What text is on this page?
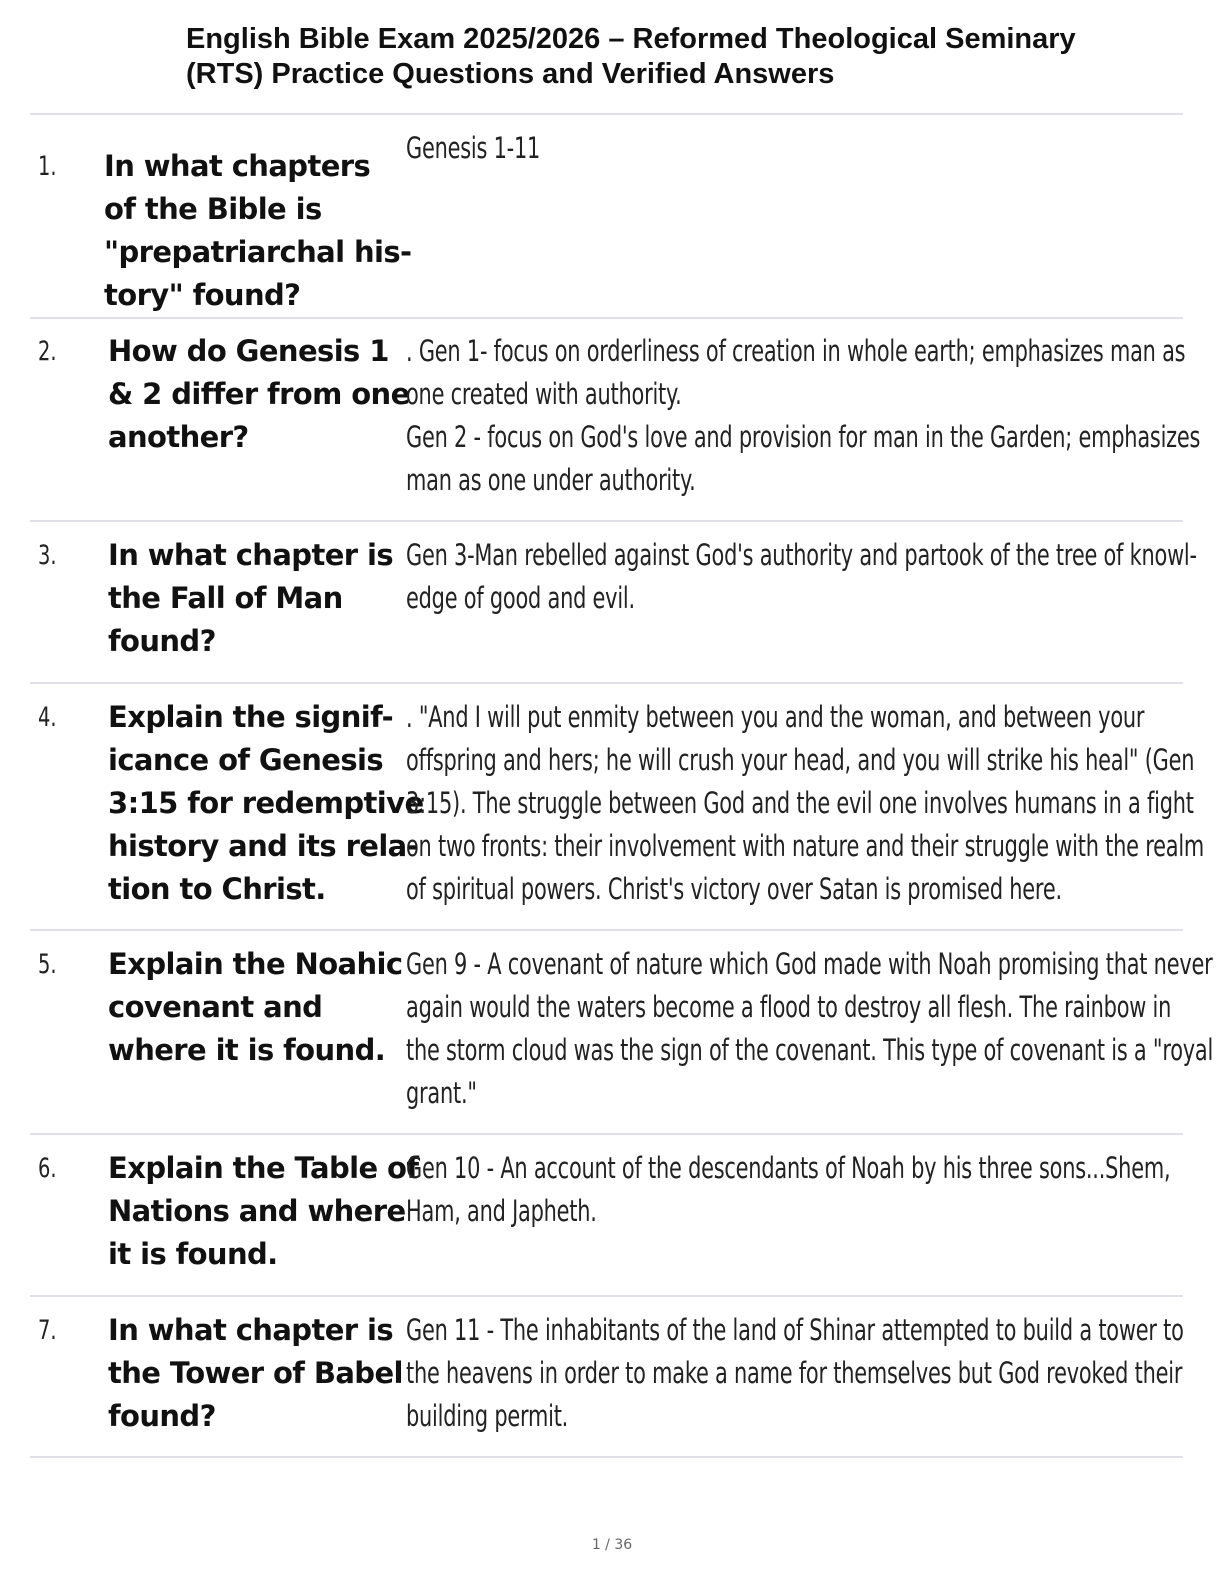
English Bible Exam 2025/2026 – Reformed Theological Seminary
(RTS) Practice Questions and Verified Answers
1. In what chapters
of the Bible is
"prepatriarchal his-
tory" found?
Genesis 1-11
2. How do Genesis 1
& 2 differ from one
another?
. Gen 1- focus on orderliness of creation in whole earth; emphasizes man as
one created with authority.
Gen 2 - focus on God's love and provision for man in the Garden; emphasizes
man as one under authority.
3. In what chapter is
the Fall of Man
found?
Gen 3-Man rebelled against God's authority and partook of the tree of knowl-
edge of good and evil.
4. Explain the signif-
icance of Genesis
3:15 for redemptive
history and its rela-
tion to Christ.
. "And I will put enmity between you and the woman, and between your
offspring and hers; he will crush your head, and you will strike his heal" (Gen
3:15). The struggle between God and the evil one involves humans in a fight
on two fronts: their involvement with nature and their struggle with the realm
of spiritual powers. Christ's victory over Satan is promised here.
5. Explain the Noahic
covenant and
where it is found.
Gen 9 - A covenant of nature which God made with Noah promising that never
again would the waters become a flood to destroy all flesh. The rainbow in
the storm cloud was the sign of the covenant. This type of covenant is a "royal
grant."
6. Explain the Table of
Nations and where
it is found.
Gen 10 - An account of the descendants of Noah by his three sons...Shem,
Ham, and Japheth.
7. In what chapter is
the Tower of Babel
found?
Gen 11 - The inhabitants of the land of Shinar attempted to build a tower to
the heavens in order to make a name for themselves but God revoked their
building permit.
1 / 36
